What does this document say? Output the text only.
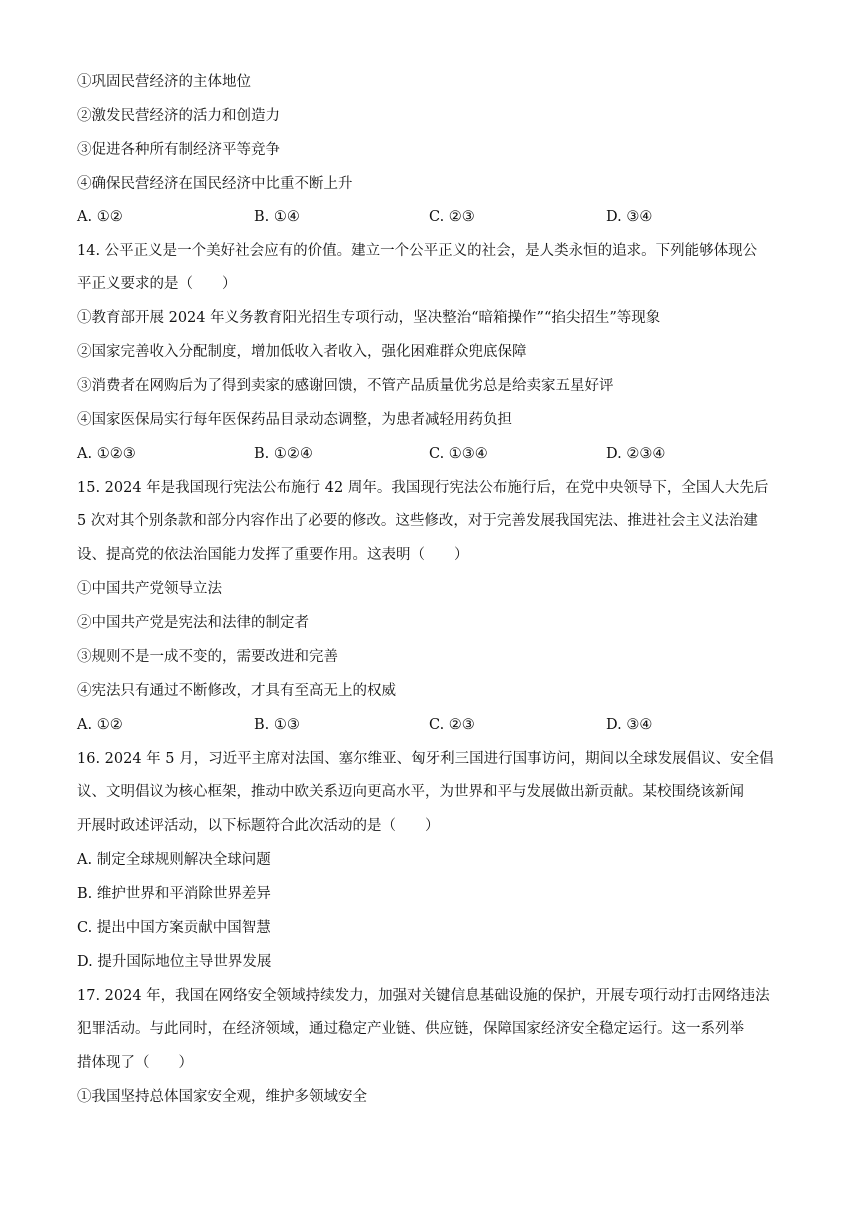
①巩固民营经济的主体地位

②激发民营经济的活力和创造力

③促进各种所有制经济平等竞争

④确保民营经济在国民经济中比重不断上升

A. ①②	B. ①④	C. ②③	D. ③④

14. 公平正义是一个美好社会应有的价值。建立一个公平正义的社会，是人类永恒的追求。下列能够体现公

平正义要求的是（　　）

①教育部开展 2024 年义务教育阳光招生专项行动，坚决整治“暗箱操作”“掐尖招生”等现象

②国家完善收入分配制度，增加低收入者收入，强化困难群众兜底保障

③消费者在网购后为了得到卖家的感谢回馈，不管产品质量优劣总是给卖家五星好评

④国家医保局实行每年医保药品目录动态调整，为患者减轻用药负担

A. ①②③	B. ①②④	C. ①③④	D. ②③④

15. 2024 年是我国现行宪法公布施行 42 周年。我国现行宪法公布施行后，在党中央领导下，全国人大先后

5 次对其个别条款和部分内容作出了必要的修改。这些修改，对于完善发展我国宪法、推进社会主义法治建

设、提高党的依法治国能力发挥了重要作用。这表明（　　）

①中国共产党领导立法

②中国共产党是宪法和法律的制定者

③规则不是一成不变的，需要改进和完善

④宪法只有通过不断修改，才具有至高无上的权威

A. ①②	B. ①③	C. ②③	D. ③④

16. 2024 年 5 月，习近平主席对法国、塞尔维亚、匈牙利三国进行国事访问，期间以全球发展倡议、安全倡

议、文明倡议为核心框架，推动中欧关系迈向更高水平，为世界和平与发展做出新贡献。某校围绕该新闻

开展时政述评活动，以下标题符合此次活动的是（　　）

A. 制定全球规则解决全球问题

B. 维护世界和平消除世界差异

C. 提出中国方案贡献中国智慧

D. 提升国际地位主导世界发展

17. 2024 年，我国在网络安全领域持续发力，加强对关键信息基础设施的保护，开展专项行动打击网络违法

犯罪活动。与此同时，在经济领域，通过稳定产业链、供应链，保障国家经济安全稳定运行。这一系列举

措体现了（　　）

①我国坚持总体国家安全观，维护多领域安全
